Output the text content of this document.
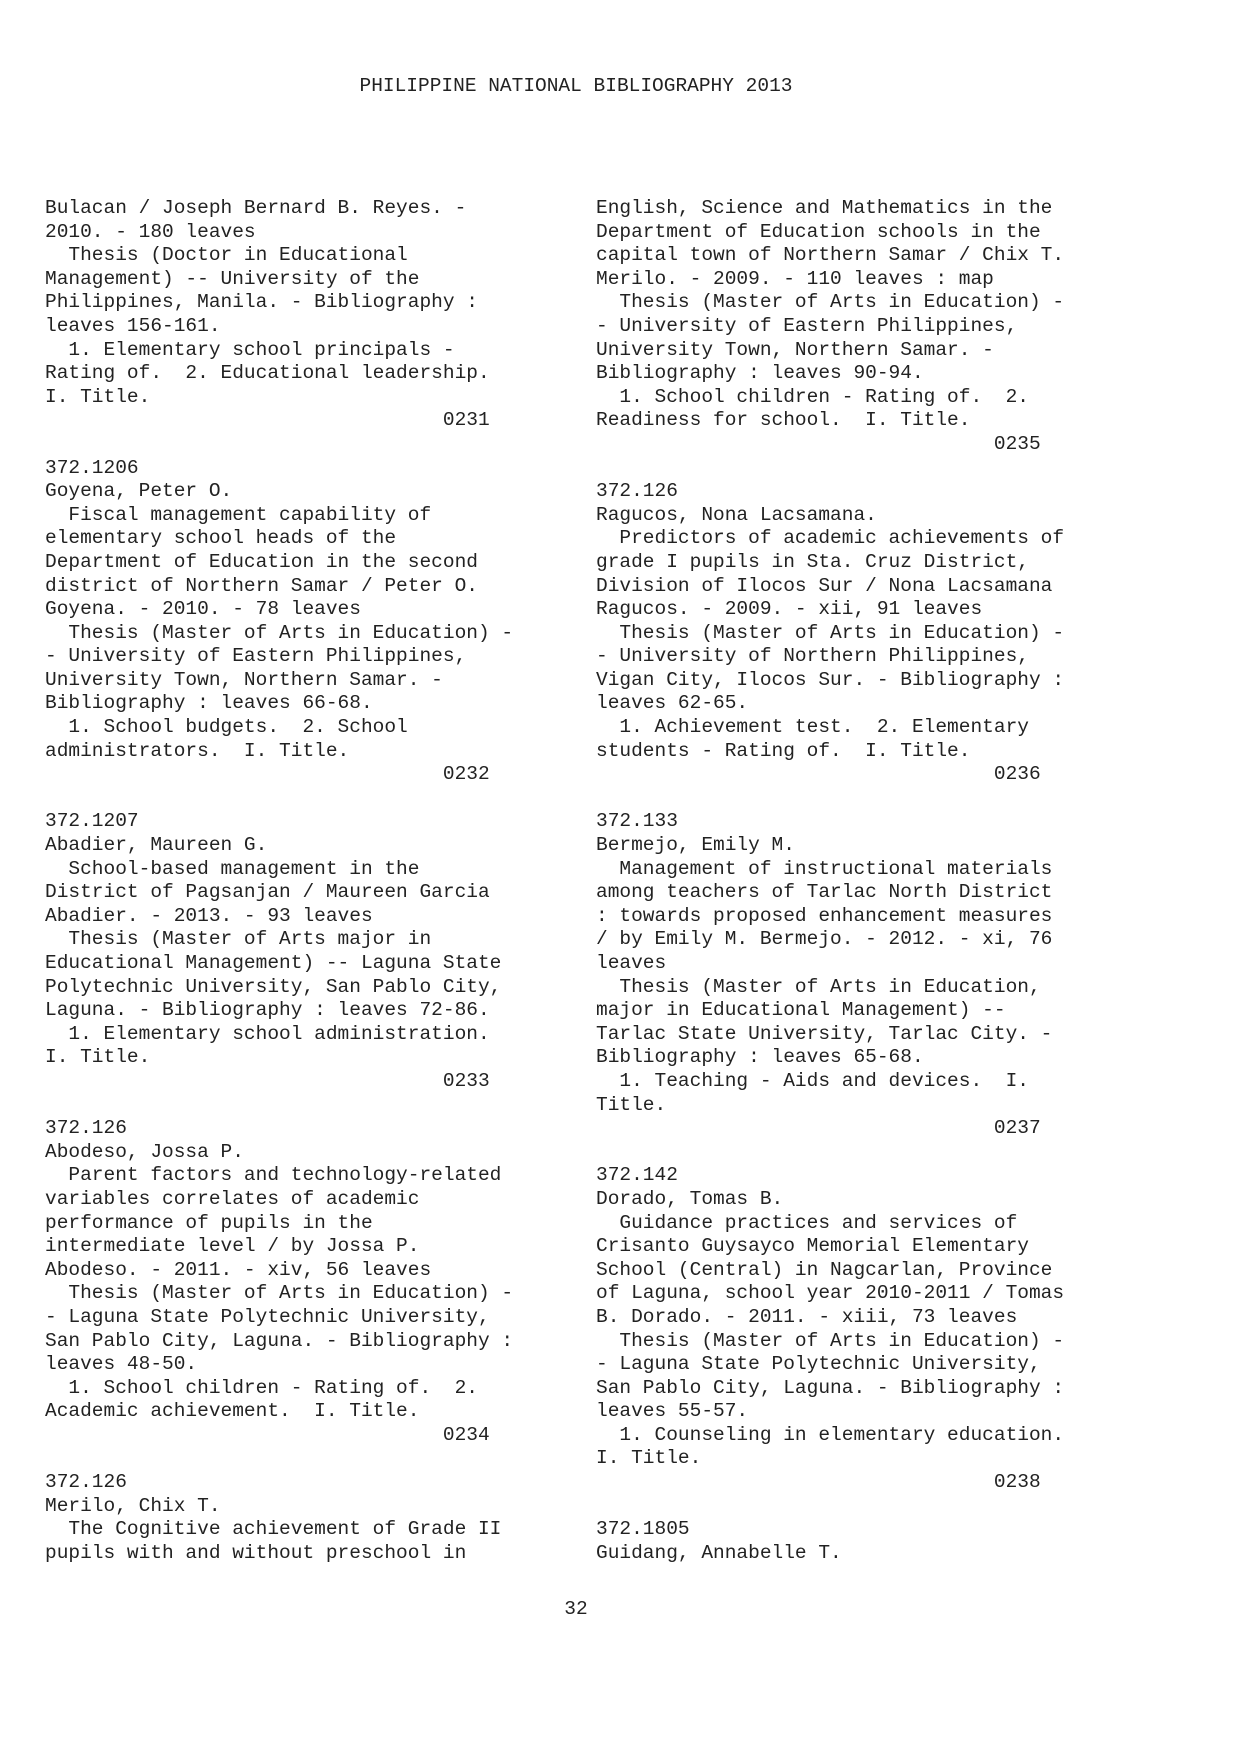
PHILIPPINE NATIONAL BIBLIOGRAPHY 2013
Bulacan / Joseph Bernard B. Reyes. -
2010. - 180 leaves
Thesis (Doctor in Educational
Management) -- University of the
Philippines, Manila. - Bibliography :
leaves 156-161.
1. Elementary school principals -
Rating of.  2. Educational leadership.
I. Title.
0231

372.1206
Goyena, Peter O.
Fiscal management capability of
elementary school heads of the
Department of Education in the second
district of Northern Samar / Peter O.
Goyena. - 2010. - 78 leaves
Thesis (Master of Arts in Education) -
- University of Eastern Philippines,
University Town, Northern Samar. -
Bibliography : leaves 66-68.
1. School budgets.  2. School
administrators.  I. Title.
0232

372.1207
Abadier, Maureen G.
School-based management in the
District of Pagsanjan / Maureen Garcia
Abadier. - 2013. - 93 leaves
Thesis (Master of Arts major in
Educational Management) -- Laguna State
Polytechnic University, San Pablo City,
Laguna. - Bibliography : leaves 72-86.
1. Elementary school administration.
I. Title.
0233

372.126
Abodeso, Jossa P.
Parent factors and technology-related
variables correlates of academic
performance of pupils in the
intermediate level / by Jossa P.
Abodeso. - 2011. - xiv, 56 leaves
Thesis (Master of Arts in Education) -
- Laguna State Polytechnic University,
San Pablo City, Laguna. - Bibliography :
leaves 48-50.
1. School children - Rating of.  2.
Academic achievement.  I. Title.
0234

372.126
Merilo, Chix T.
The Cognitive achievement of Grade II
pupils with and without preschool in
English, Science and Mathematics in the
Department of Education schools in the
capital town of Northern Samar / Chix T.
Merilo. - 2009. - 110 leaves : map
Thesis (Master of Arts in Education) -
- University of Eastern Philippines,
University Town, Northern Samar. -
Bibliography : leaves 90-94.
1. School children - Rating of.  2.
Readiness for school.  I. Title.
0235

372.126
Ragucos, Nona Lacsamana.
Predictors of academic achievements of
grade I pupils in Sta. Cruz District,
Division of Ilocos Sur / Nona Lacsamana
Ragucos. - 2009. - xii, 91 leaves
Thesis (Master of Arts in Education) -
- University of Northern Philippines,
Vigan City, Ilocos Sur. - Bibliography :
leaves 62-65.
1. Achievement test.  2. Elementary
students - Rating of.  I. Title.
0236

372.133
Bermejo, Emily M.
Management of instructional materials
among teachers of Tarlac North District
: towards proposed enhancement measures
/ by Emily M. Bermejo. - 2012. - xi, 76
leaves
Thesis (Master of Arts in Education,
major in Educational Management) --
Tarlac State University, Tarlac City. -
Bibliography : leaves 65-68.
1. Teaching - Aids and devices.  I.
Title.
0237

372.142
Dorado, Tomas B.
Guidance practices and services of
Crisanto Guysayco Memorial Elementary
School (Central) in Nagcarlan, Province
of Laguna, school year 2010-2011 / Tomas
B. Dorado. - 2011. - xiii, 73 leaves
Thesis (Master of Arts in Education) -
- Laguna State Polytechnic University,
San Pablo City, Laguna. - Bibliography :
leaves 55-57.
1. Counseling in elementary education.
I. Title.
0238

372.1805
Guidang, Annabelle T.
32
